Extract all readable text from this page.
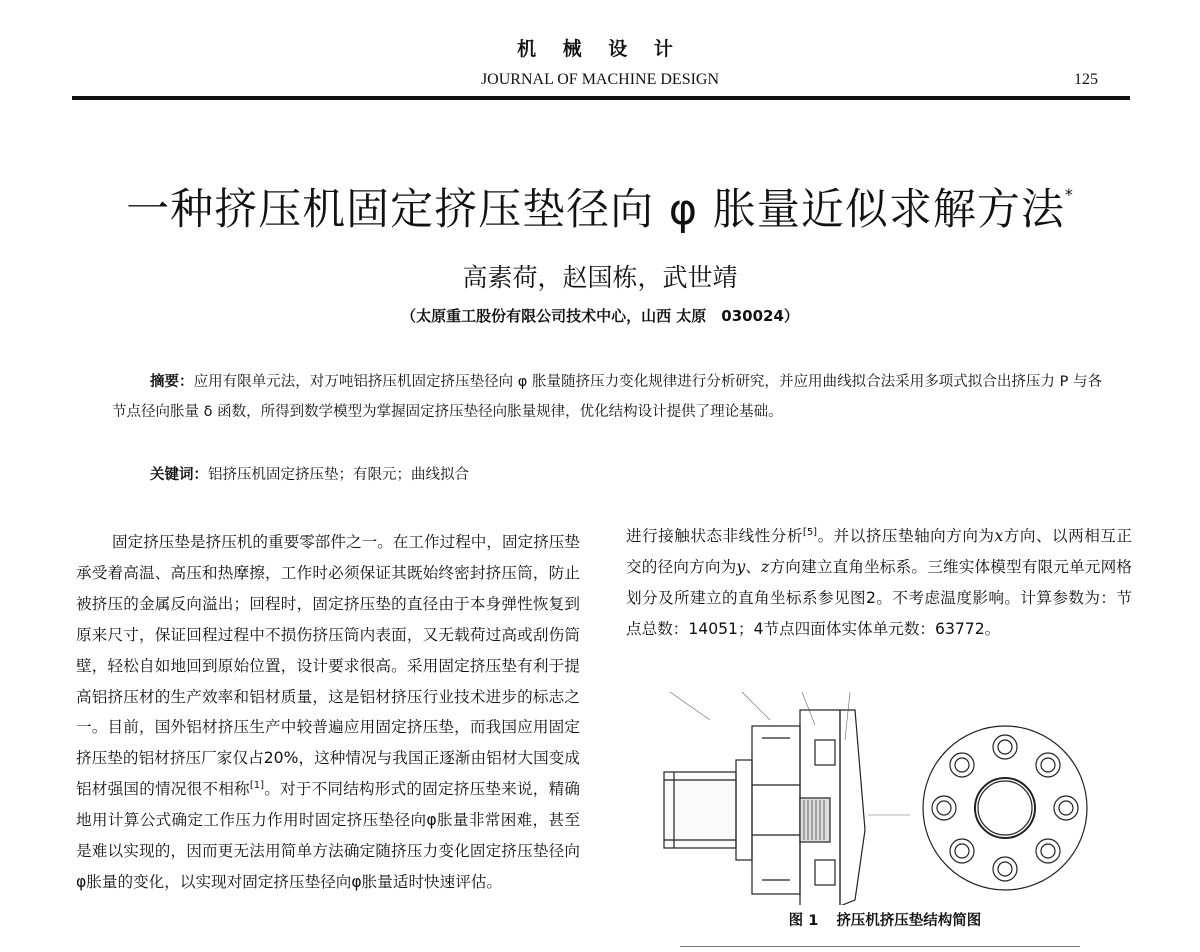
机 械 设 计
JOURNAL OF MACHINE DESIGN	125
一种挤压机固定挤压垫径向 φ 胀量近似求解方法*
高素荷，赵国栋，武世靖
（太原重工股份有限公司技术中心，山西 太原　030024）
摘要：应用有限单元法，对万吨铝挤压机固定挤压垫径向 φ 胀量随挤压力变化规律进行分析研究，并应用曲线拟合法采用多项式拟合出挤压力 P 与各节点径向胀量 δ 函数，所得到数学模型为掌握固定挤压垫径向胀量规律，优化结构设计提供了理论基础。
关键词：铝挤压机固定挤压垫；有限元；曲线拟合
固定挤压垫是挤压机的重要零部件之一。在工作过程中，固定挤压垫承受着高温、高压和热摩擦，工作时必须保证其既始终密封挤压筒，防止被挤压的金属反向溢出；回程时，固定挤压垫的直径由于本身弹性恢复到原来尺寸，保证回程过程中不损伤挤压筒内表面，又无载荷过高或刮伤筒壁，轻松自如地回到原始位置，设计要求很高。采用固定挤压垫有利于提高铝挤压材的生产效率和铝材质量，这是铝材挤压行业技术进步的标志之一。目前，国外铝材挤压生产中较普遍应用固定挤压垫，而我国应用固定挤压垫的铝材挤压厂家仅占20%，这种情况与我国正逐渐由铝材大国变成铝材强国的情况很不相称[1]。对于不同结构形式的固定挤压垫来说，精确地用计算公式确定工作压力作用时固定挤压垫径向φ胀量非常困难，甚至是难以实现的，因而更无法用简单方法确定随挤压力变化固定挤压垫径向φ胀量的变化，以实现对固定挤压垫径向φ胀量适时快速评估。
进行接触状态非线性分析[5]。并以挤压垫轴向方向为x方向、以两相互正交的径向方向为y、z方向建立直角坐标系。三维实体模型有限元单元网格划分及所建立的直角坐标系参见图2。不考虑温度影响。计算参数为：节点总数：14051；4节点四面体实体单元数：63772。
图 1 挤压机挤压垫结构简图
